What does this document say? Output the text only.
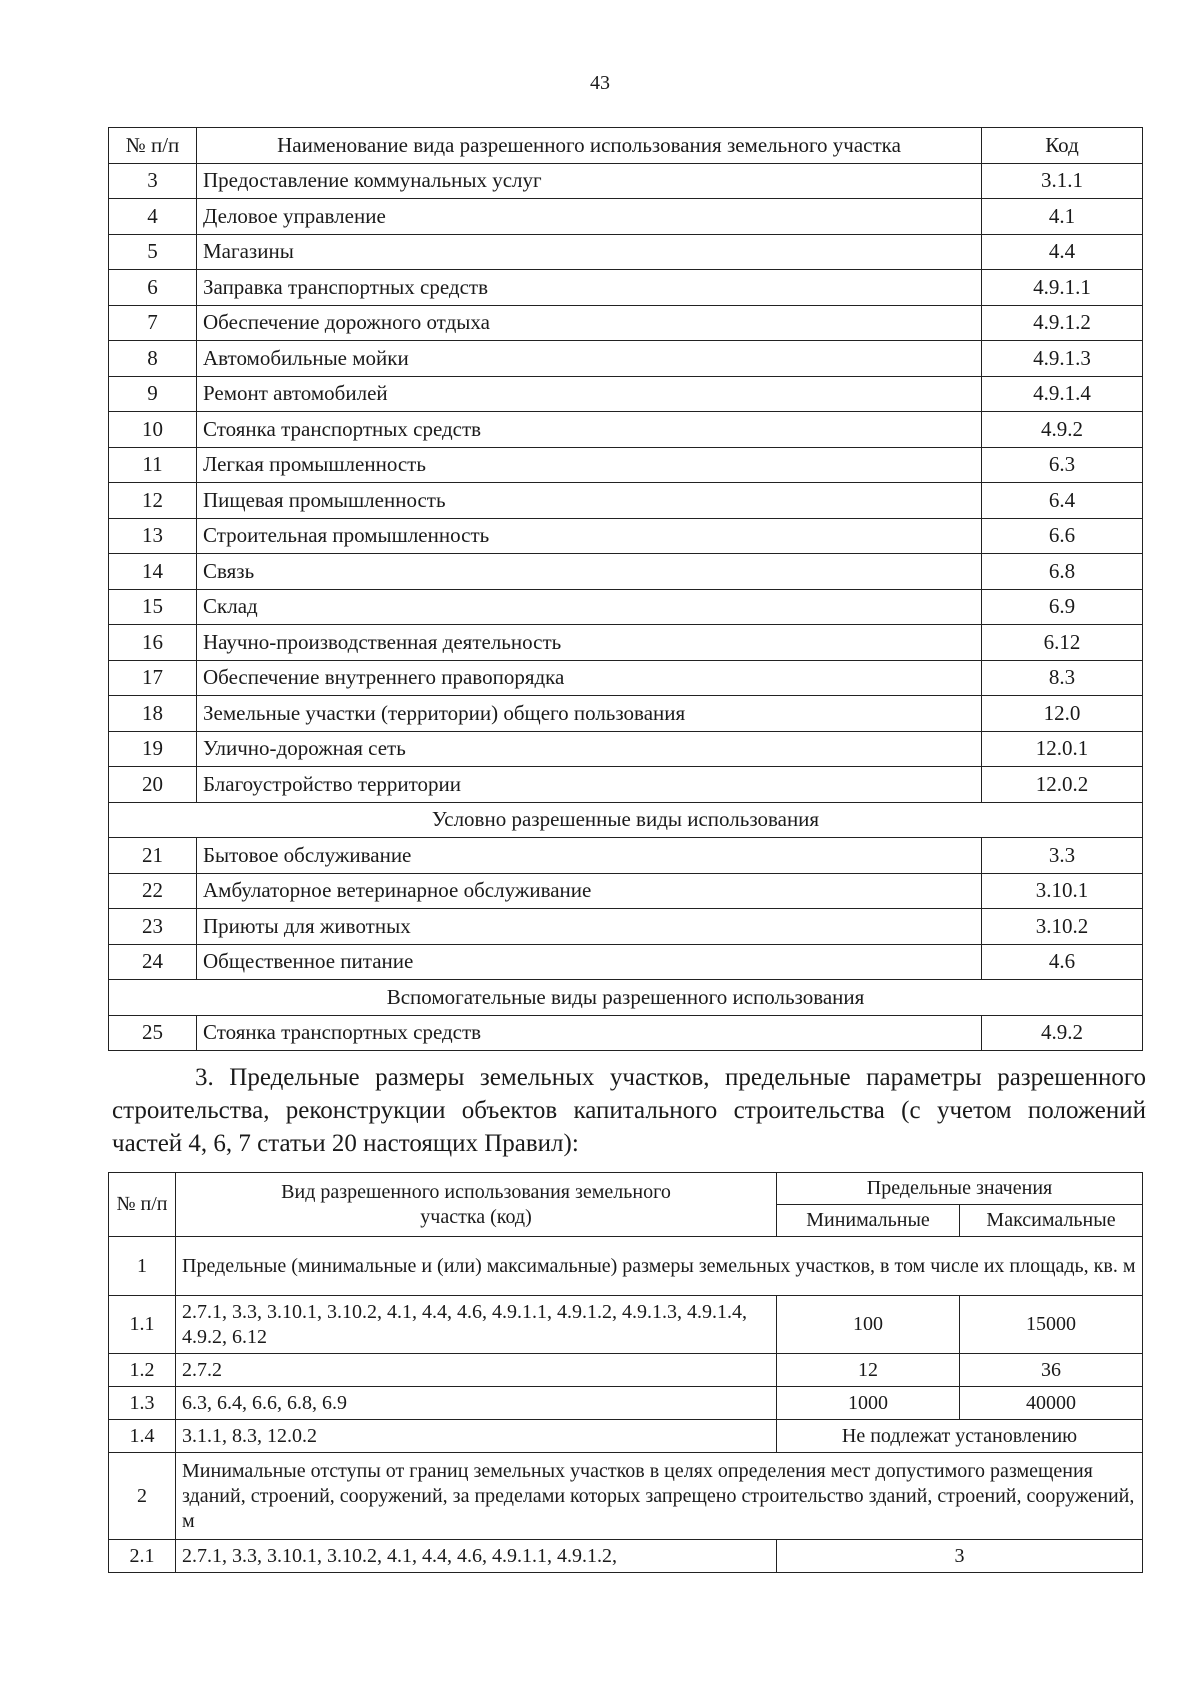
43
№ п/п	Наименование вида разрешенного использования земельного участка	Код
3	Предоставление коммунальных услуг	3.1.1
4	Деловое управление	4.1
5	Магазины	4.4
6	Заправка транспортных средств	4.9.1.1
7	Обеспечение дорожного отдыха	4.9.1.2
8	Автомобильные мойки	4.9.1.3
9	Ремонт автомобилей	4.9.1.4
10	Стоянка транспортных средств	4.9.2
11	Легкая промышленность	6.3
12	Пищевая промышленность	6.4
13	Строительная промышленность	6.6
14	Связь	6.8
15	Склад	6.9
16	Научно-производственная деятельность	6.12
17	Обеспечение внутреннего правопорядка	8.3
18	Земельные участки (территории) общего пользования	12.0
19	Улично-дорожная сеть	12.0.1
20	Благоустройство территории	12.0.2
Условно разрешенные виды использования		
21	Бытовое обслуживание	3.3
22	Амбулаторное ветеринарное обслуживание	3.10.1
23	Приюты для животных	3.10.2
24	Общественное питание	4.6
Вспомогательные виды разрешенного использования		
25	Стоянка транспортных средств	4.9.2
3. Предельные размеры земельных участков, предельные параметры разрешенного строительства, реконструкции объектов капитального строительства (с учетом положений частей 4, 6, 7 статьи 20 настоящих Правил):
№ п/п	Вид разрешенного использования земельного участка (код)	Предельные значения	
		Минимальные	Максимальные
1	Предельные (минимальные и (или) максимальные) размеры земельных участков, в том числе их площадь, кв. м		
1.1	2.7.1, 3.3, 3.10.1, 3.10.2, 4.1, 4.4, 4.6, 4.9.1.1, 4.9.1.2, 4.9.1.3, 4.9.1.4, 4.9.2, 6.12	100	15000
1.2	2.7.2	12	36
1.3	6.3, 6.4, 6.6, 6.8, 6.9	1000	40000
1.4	3.1.1, 8.3, 12.0.2	Не подлежат установлению	
2	Минимальные отступы от границ земельных участков в целях определения мест допустимого размещения зданий, строений, сооружений, за пределами которых запрещено строительство зданий, строений, сооружений, м		
2.1	2.7.1, 3.3, 3.10.1, 3.10.2, 4.1, 4.4, 4.6, 4.9.1.1, 4.9.1.2,	3	
